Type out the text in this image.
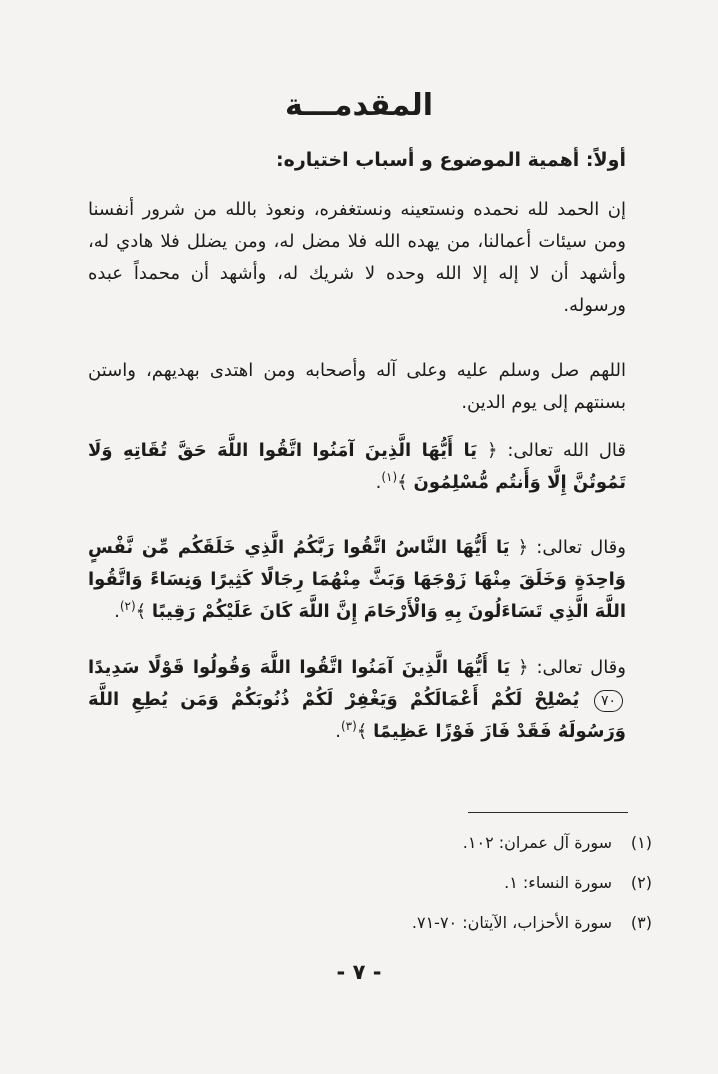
المقدمـــة
أولاً: أهمية الموضوع و أسباب اختياره:

إن الحمد لله نحمده ونستعينه ونستغفره، ونعوذ بالله من شرور أنفسنا ومن سيئات أعمالنا، من يهده الله فلا مضل له، ومن يضلل فلا هادي له، وأشهد أن لا إله إلا الله وحده لا شريك له، وأشهد أن محمداً عبده ورسوله.

اللهم صل وسلم عليه وعلى آله وأصحابه ومن اهتدى بهديهم، واستن بسنتهم إلى يوم الدين.

قال الله تعالى: ﴿ يَا أَيُّهَا الَّذِينَ آمَنُوا اتَّقُوا اللَّهَ حَقَّ تُقَاتِهِ وَلَا تَمُوتُنَّ إِلَّا وَأَنتُم مُّسْلِمُونَ ﴾$^{(١)}$.

وقال تعالى: ﴿ يَا أَيُّهَا النَّاسُ اتَّقُوا رَبَّكُمُ الَّذِي خَلَقَكُم مِّن نَّفْسٍ وَاحِدَةٍ وَخَلَقَ مِنْهَا زَوْجَهَا وَبَثَّ مِنْهُمَا رِجَالًا كَثِيرًا وَنِسَاءً وَاتَّقُوا اللَّهَ الَّذِي تَسَاءَلُونَ بِهِ وَالْأَرْحَامَ إِنَّ اللَّهَ كَانَ عَلَيْكُمْ رَقِيبًا ﴾$^{(٢)}$.

وقال تعالى: ﴿ يَا أَيُّهَا الَّذِينَ آمَنُوا اتَّقُوا اللَّهَ وَقُولُوا قَوْلًا سَدِيدًا ٧٠ يُصْلِحْ لَكُمْ أَعْمَالَكُمْ وَيَغْفِرْ لَكُمْ ذُنُوبَكُمْ وَمَن يُطِعِ اللَّهَ وَرَسُولَهُ فَقَدْ فَازَ فَوْزًا عَظِيمًا ﴾$^{(٣)}$.

(١)سورة آل عمران: ١٠٢.
(٢)سورة النساء: ١.
(٣)سورة الأحزاب، الآيتان: ٧٠-٧١.
- ٧ -
